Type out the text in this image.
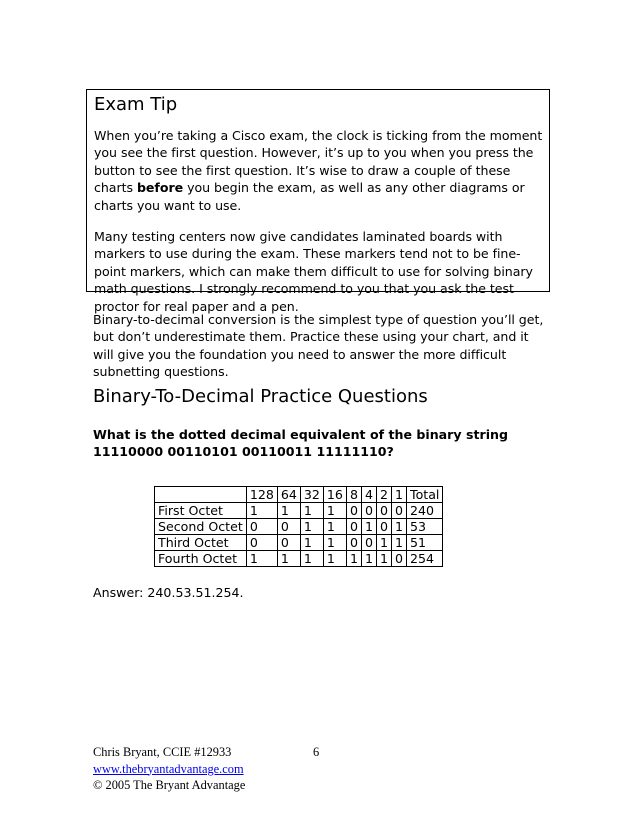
Exam Tip

When you’re taking a Cisco exam, the clock is ticking from the moment you see the first question. However, it’s up to you when you press the button to see the first question. It’s wise to draw a couple of these charts before you begin the exam, as well as any other diagrams or charts you want to use.

Many testing centers now give candidates laminated boards with markers to use during the exam. These markers tend not to be fine-point markers, which can make them difficult to use for solving binary math questions. I strongly recommend to you that you ask the test proctor for real paper and a pen.

Binary-to-decimal conversion is the simplest type of question you’ll get, but don’t underestimate them. Practice these using your chart, and it will give you the foundation you need to answer the more difficult subnetting questions.

Binary-To-Decimal Practice Questions

What is the dotted decimal equivalent of the binary string 11110000 00110101 00110011 11111110?

	128	64	32	16	8	4	2	1	Total
First Octet	1	1	1	1	0	0	0	0	240
Second Octet	0	0	1	1	0	1	0	1	53
Third Octet	0	0	1	1	0	0	1	1	51
Fourth Octet	1	1	1	1	1	1	1	0	254

Answer: 240.53.51.254.

Chris Bryant, CCIE #12933
www.thebryantadvantage.com
© 2005 The Bryant Advantage
6
